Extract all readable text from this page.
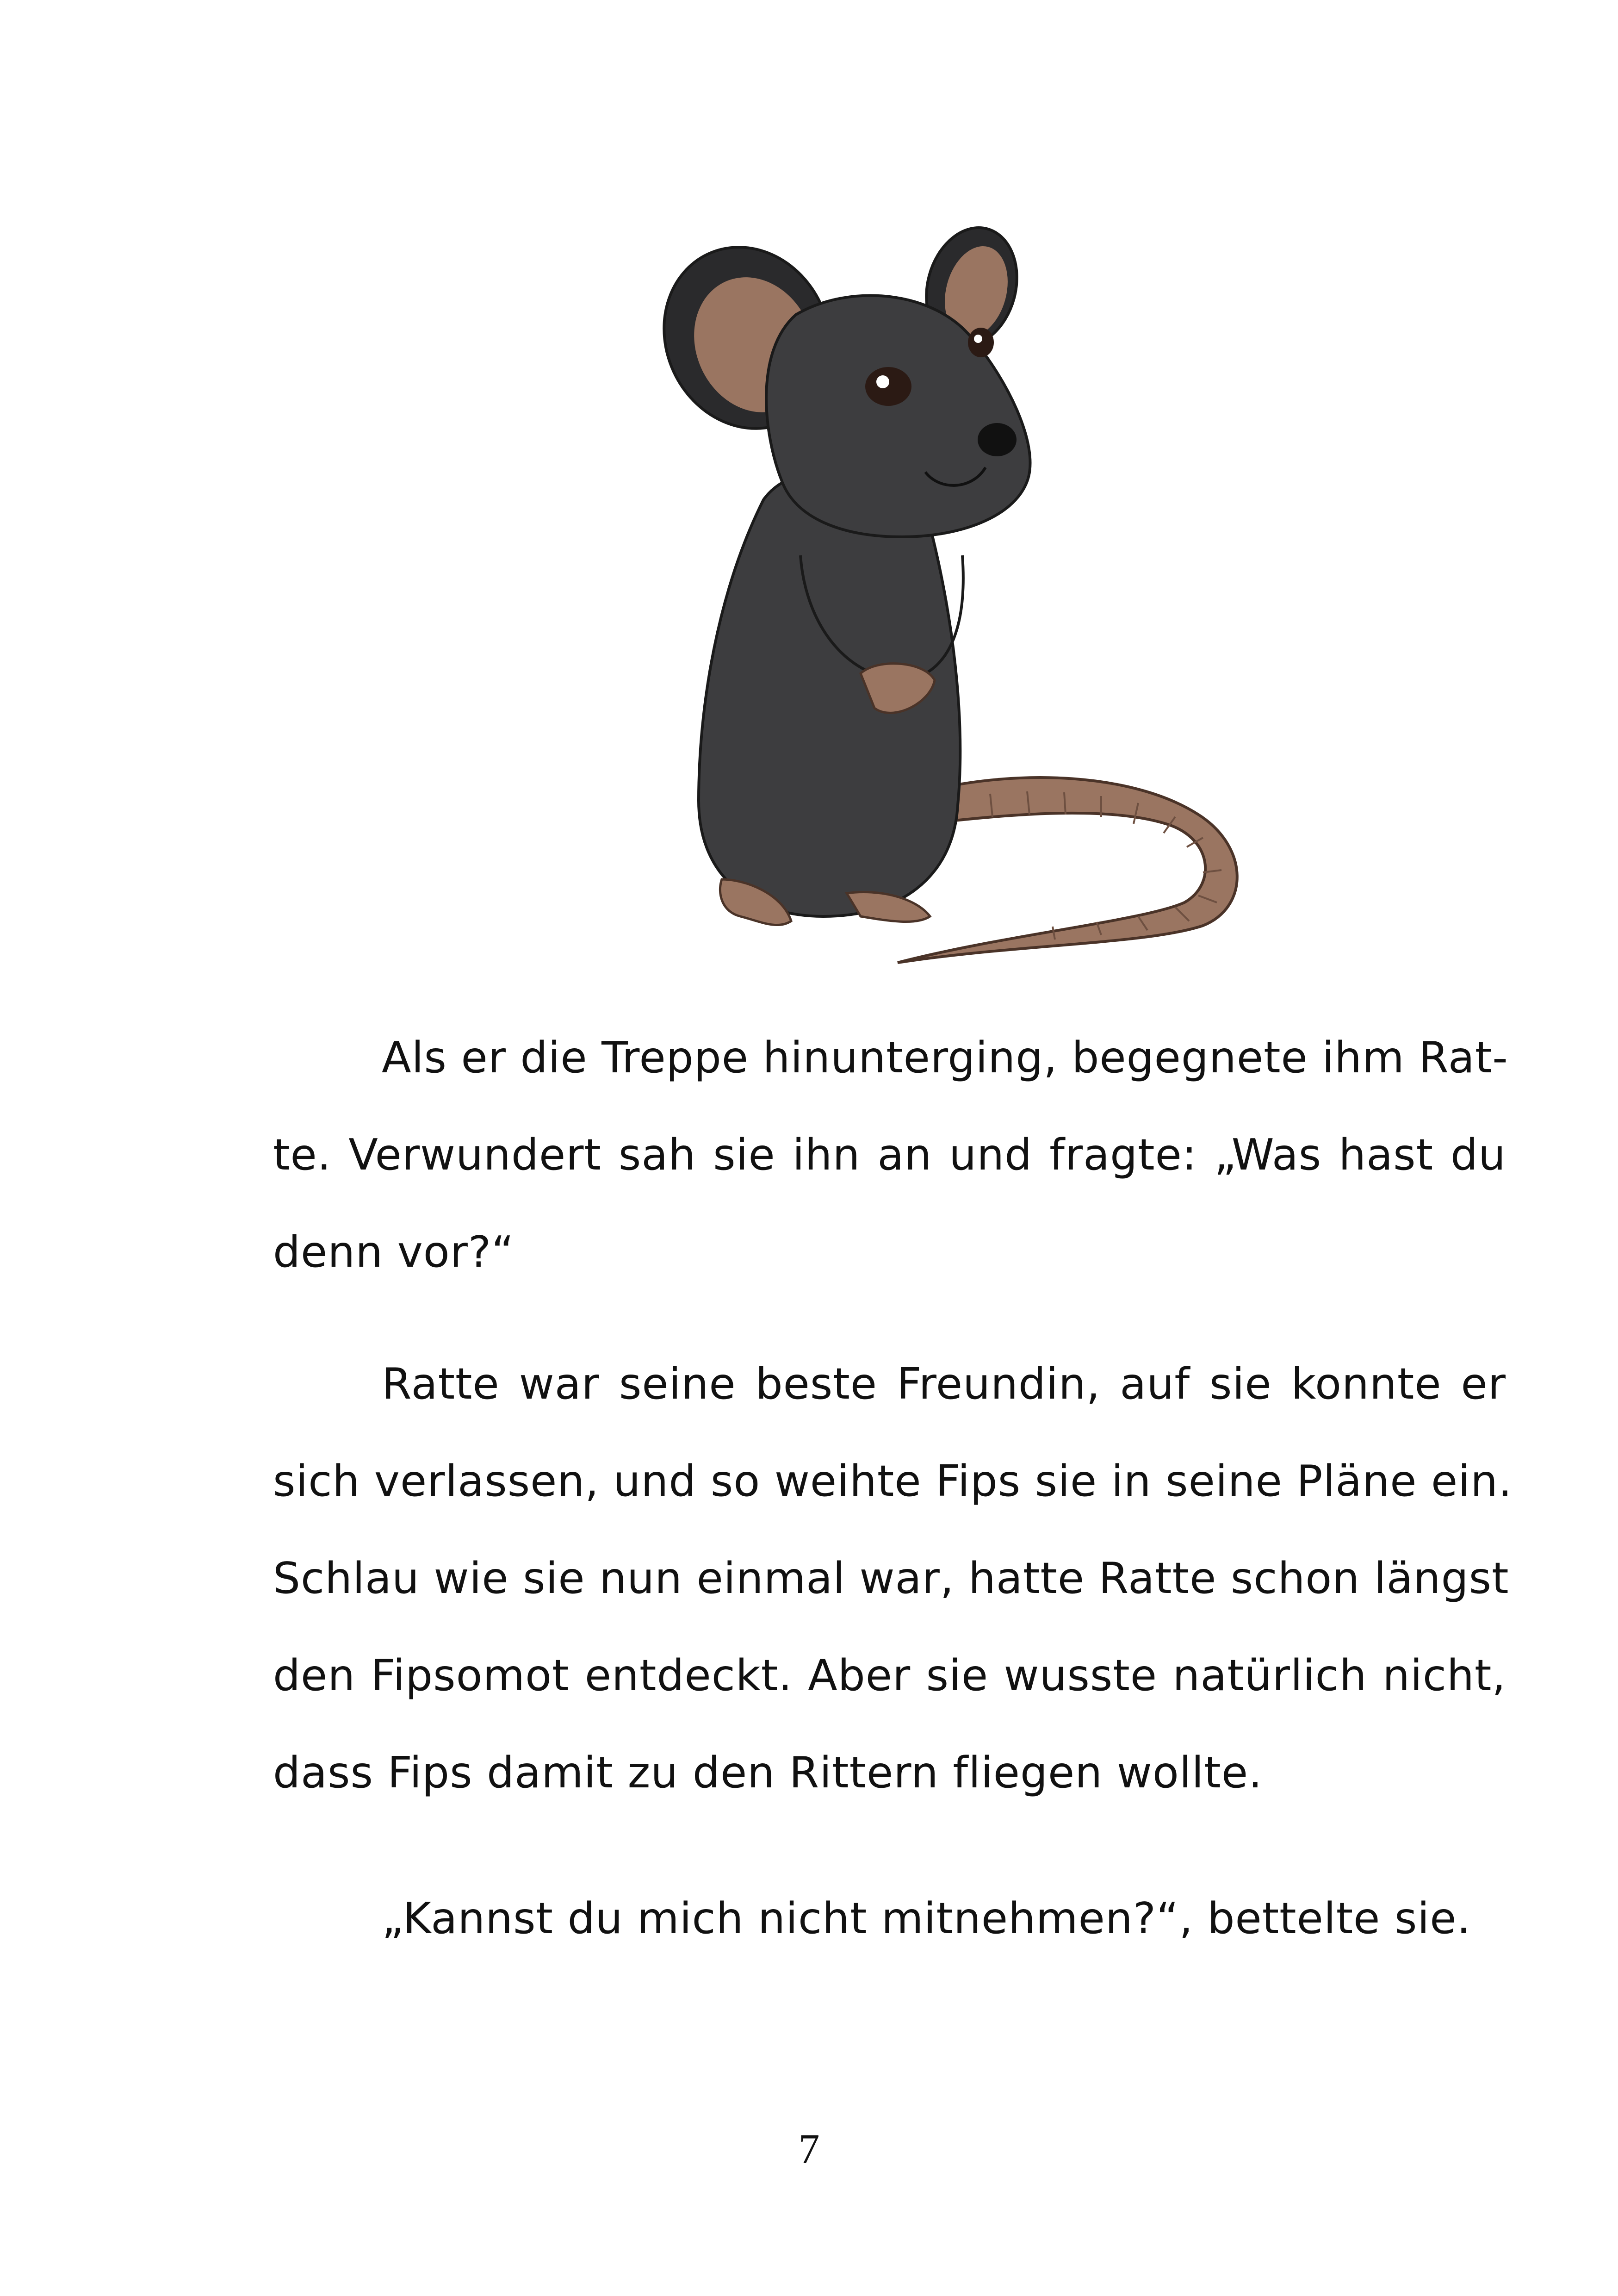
Als er die Treppe hinunterging, begegnete ihm Rat-
te. Verwundert sah sie ihn an und fragte: „Was hast du
denn vor?“
Ratte war seine beste Freundin, auf sie konnte er
sich verlassen, und so weihte Fips sie in seine Pläne ein.
Schlau wie sie nun einmal war, hatte Ratte schon längst
den Fipsomot entdeckt. Aber sie wusste natürlich nicht,
dass Fips damit zu den Rittern fliegen wollte.
„Kannst du mich nicht mitnehmen?“, bettelte sie.
7
